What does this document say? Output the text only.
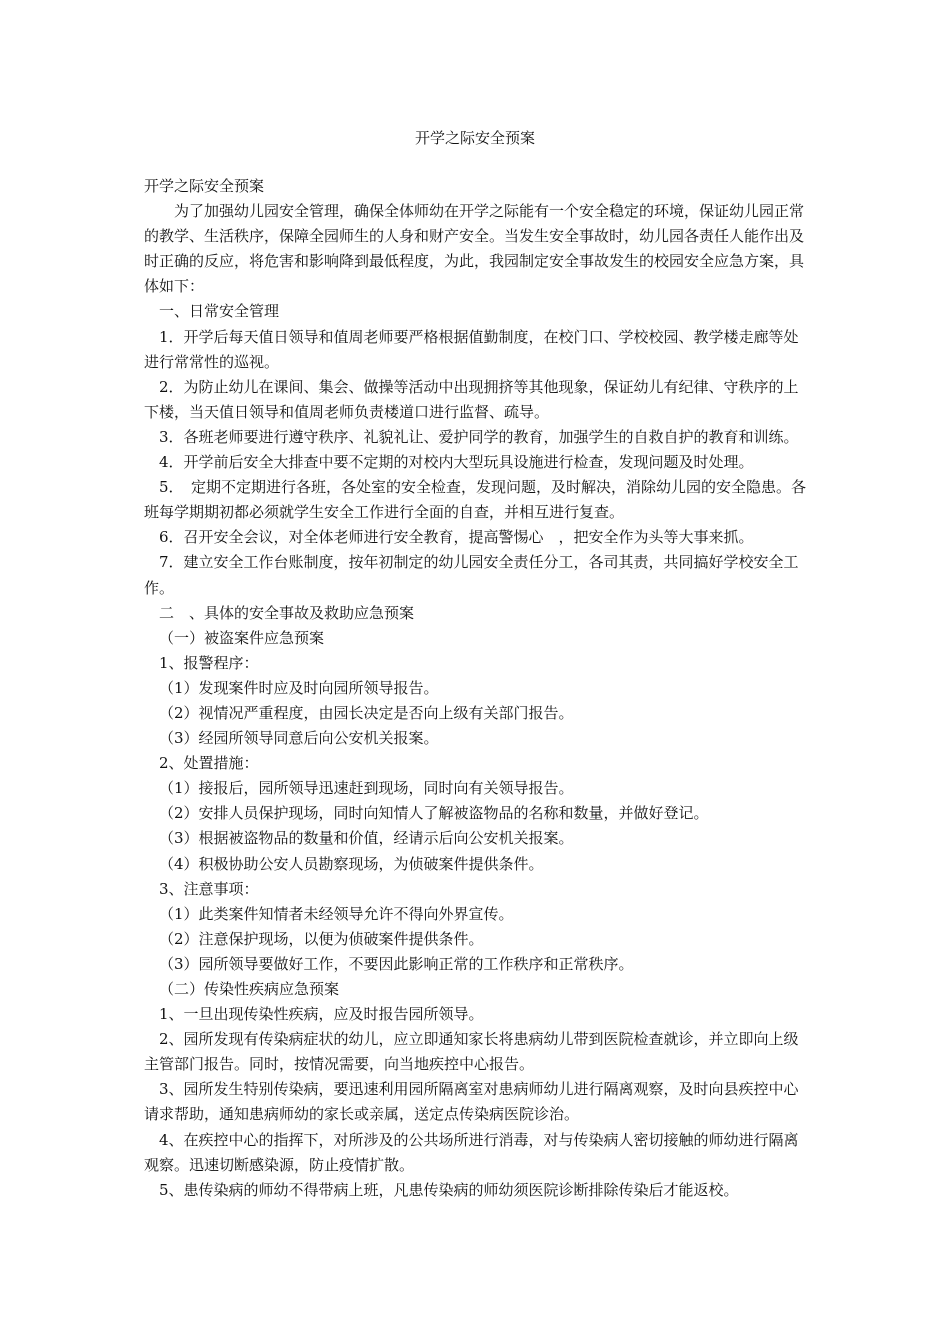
开学之际安全预案

开学之际安全预案

为了加强幼儿园安全管理，确保全体师幼在开学之际能有一个安全稳定的环境，保证幼儿园正常的教学、生活秩序，保障全园师生的人身和财产安全。当发生安全事故时，幼儿园各责任人能作出及时正确的反应，将危害和影响降到最低程度，为此，我园制定安全事故发生的校园安全应急方案，具体如下：

一、日常安全管理

1．开学后每天值日领导和值周老师要严格根据值勤制度，在校门口、学校校园、教学楼走廊等处进行常常性的巡视。

2．为防止幼儿在课间、集会、做操等活动中出现拥挤等其他现象，保证幼儿有纪律、守秩序的上下楼，当天值日领导和值周老师负责楼道口进行监督、疏导。

3．各班老师要进行遵守秩序、礼貌礼让、爱护同学的教育，加强学生的自救自护的教育和训练。

4．开学前后安全大排查中要不定期的对校内大型玩具设施进行检查，发现问题及时处理。

5．　定期不定期进行各班，各处室的安全检查，发现问题，及时解决，消除幼儿园的安全隐患。各班每学期期初都必须就学生安全工作进行全面的自查，并相互进行复查。

6．召开安全会议，对全体老师进行安全教育，提高警惕心　，把安全作为头等大事来抓。

7．建立安全工作台账制度，按年初制定的幼儿园安全责任分工，各司其责，共同搞好学校安全工作。

二　、具体的安全事故及救助应急预案

（一）被盗案件应急预案

1、报警程序：

（1）发现案件时应及时向园所领导报告。

（2）视情况严重程度，由园长决定是否向上级有关部门报告。

（3）经园所领导同意后向公安机关报案。

2、处置措施：

（1）接报后，园所领导迅速赶到现场，同时向有关领导报告。

（2）安排人员保护现场，同时向知情人了解被盗物品的名称和数量，并做好登记。

（3）根据被盗物品的数量和价值，经请示后向公安机关报案。

（4）积极协助公安人员勘察现场，为侦破案件提供条件。

3、注意事项：

（1）此类案件知情者未经领导允许不得向外界宣传。

（2）注意保护现场，以便为侦破案件提供条件。

（3）园所领导要做好工作，不要因此影响正常的工作秩序和正常秩序。

（二）传染性疾病应急预案

1、一旦出现传染性疾病，应及时报告园所领导。

2、园所发现有传染病症状的幼儿，应立即通知家长将患病幼儿带到医院检查就诊，并立即向上级主管部门报告。同时，按情况需要，向当地疾控中心报告。

3、园所发生特别传染病，要迅速利用园所隔离室对患病师幼儿进行隔离观察，及时向县疾控中心请求帮助，通知患病师幼的家长或亲属，送定点传染病医院诊治。

4、在疾控中心的指挥下，对所涉及的公共场所进行消毒，对与传染病人密切接触的师幼进行隔离观察。迅速切断感染源，防止疫情扩散。

5、患传染病的师幼不得带病上班，凡患传染病的师幼须医院诊断排除传染后才能返校。
